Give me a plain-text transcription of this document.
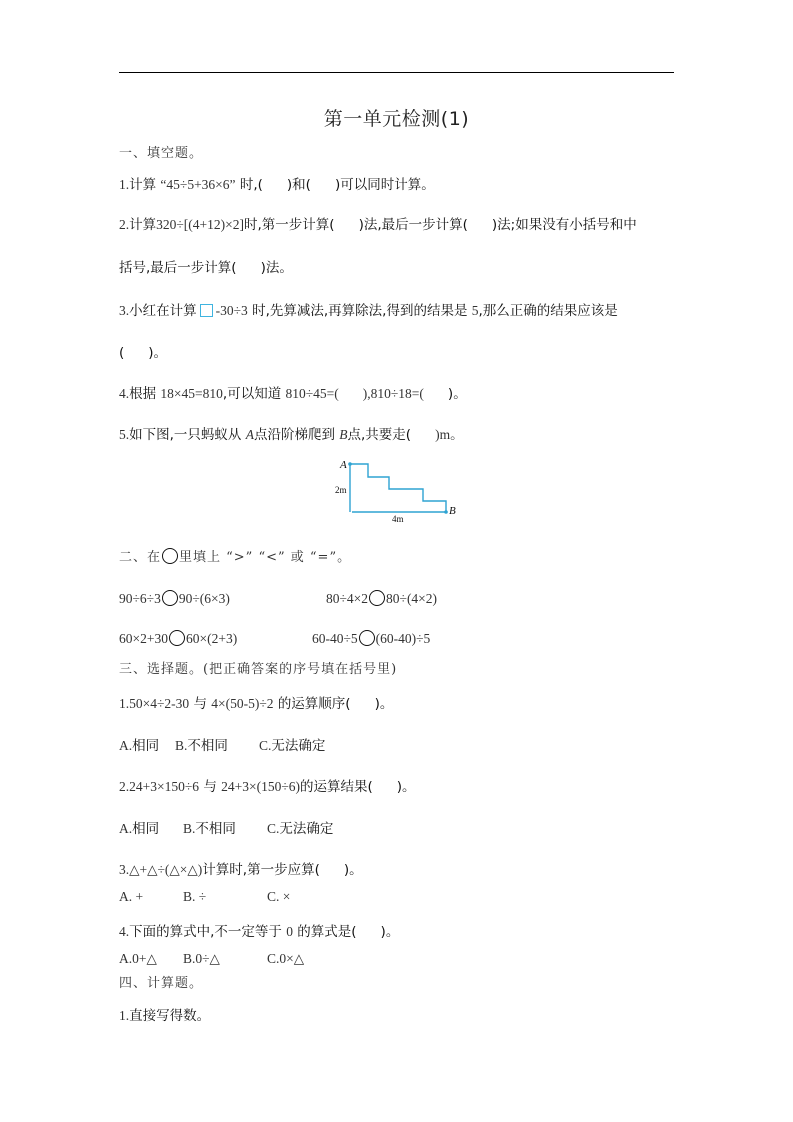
第一单元检测(1)
一、填空题。
1.计算 “45÷5+36×6” 时,( )和( )可以同时计算。
2.计算320÷[(4+12)×2]时,第一步计算( )法,最后一步计算( )法;如果没有小括号和中
括号,最后一步计算( )法。
3.小红在计算 -30÷3 时,先算减法,再算除法,得到的结果是 5,那么正确的结果应该是
( )。
4.根据 18×45=810,可以知道 810÷45=( ),810÷18=( )。
5.如下图,一只蚂蚁从 A点沿阶梯爬到 B点,共要走( )m。
A
B
2m
4m
二、在 里填上 “>” “<” 或 “=”。
90÷6÷3 90÷(6×3)	80÷4×2 80÷(4×2)
60×2+30 60×(2+3)	60-40÷5 (60-40)÷5
三、选择题。(把正确答案的序号填在括号里)
1.50×4÷2-30 与 4×(50-5)÷2 的运算顺序( )。
A.相同 B.不相同 C.无法确定
2.24+3×150÷6 与 24+3×(150÷6)的运算结果( )。
A.相同 B.不相同 C.无法确定
3.△+△÷(△×△)计算时,第一步应算( )。
A. +	B. ÷	C. ×
4.下面的算式中,不一定等于 0 的算式是( )。
A.0+△ B.0÷△	C.0×△
四、计算题。
1.直接写得数。
